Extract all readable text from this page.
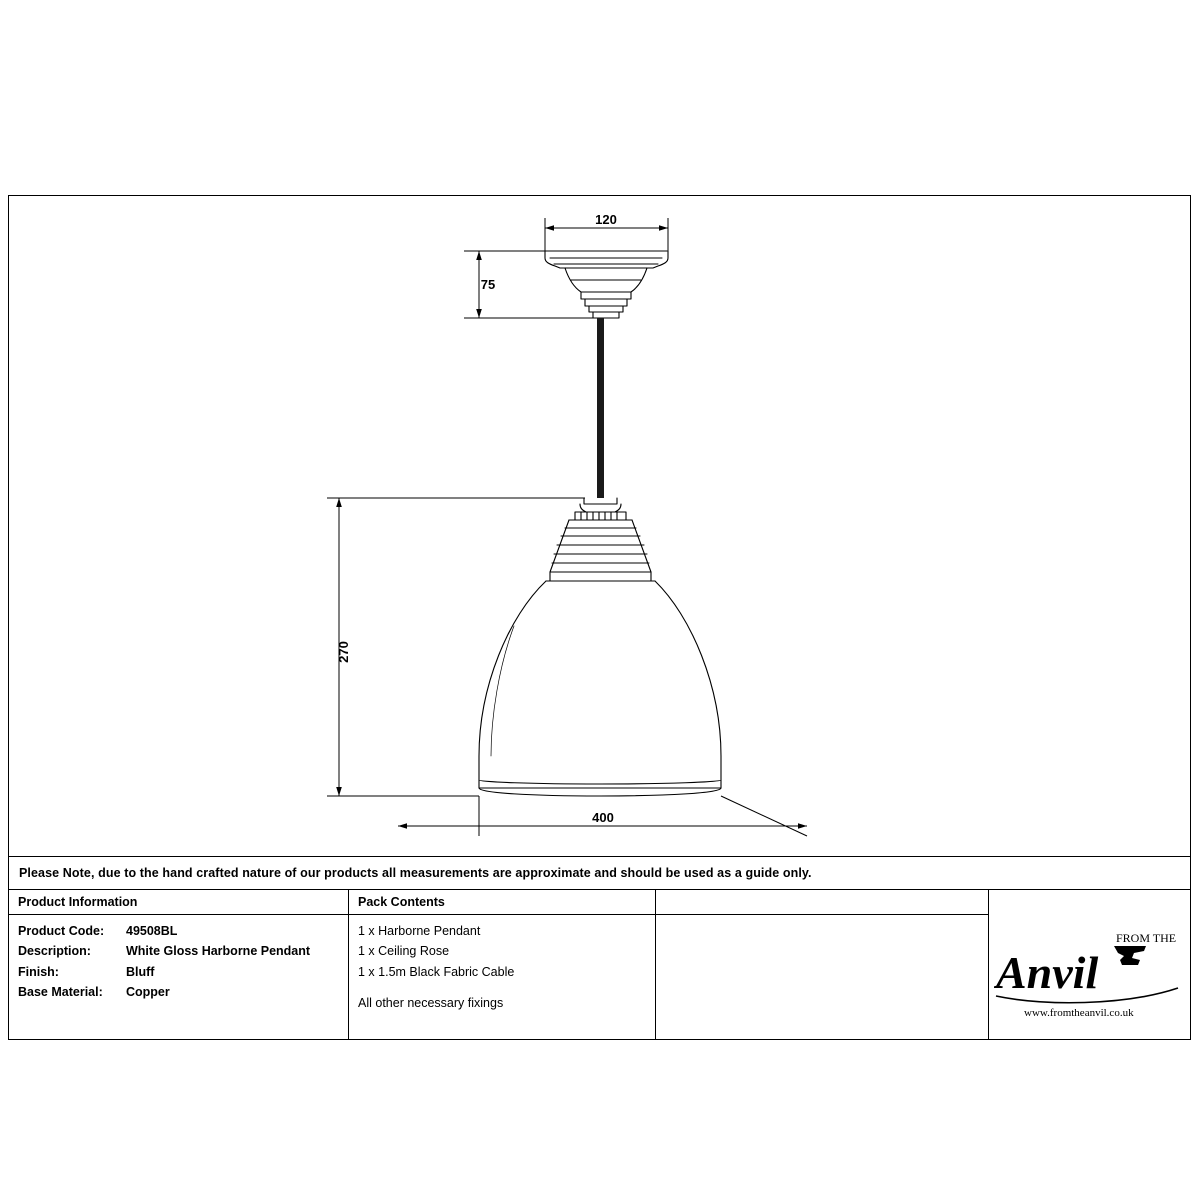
120
75
270
400
Please Note, due to the hand crafted nature of our products all measurements are approximate and should be used as a guide only.
Product Information
Product Code:	49508BL
Description:	White Gloss Harborne Pendant
Finish:	Bluff
Base Material:	Copper
Pack Contents
1 x Harborne Pendant
1 x Ceiling Rose
1 x 1.5m Black Fabric Cable
All other necessary fixings
FROM THE
Anvil
www.fromtheanvil.co.uk
